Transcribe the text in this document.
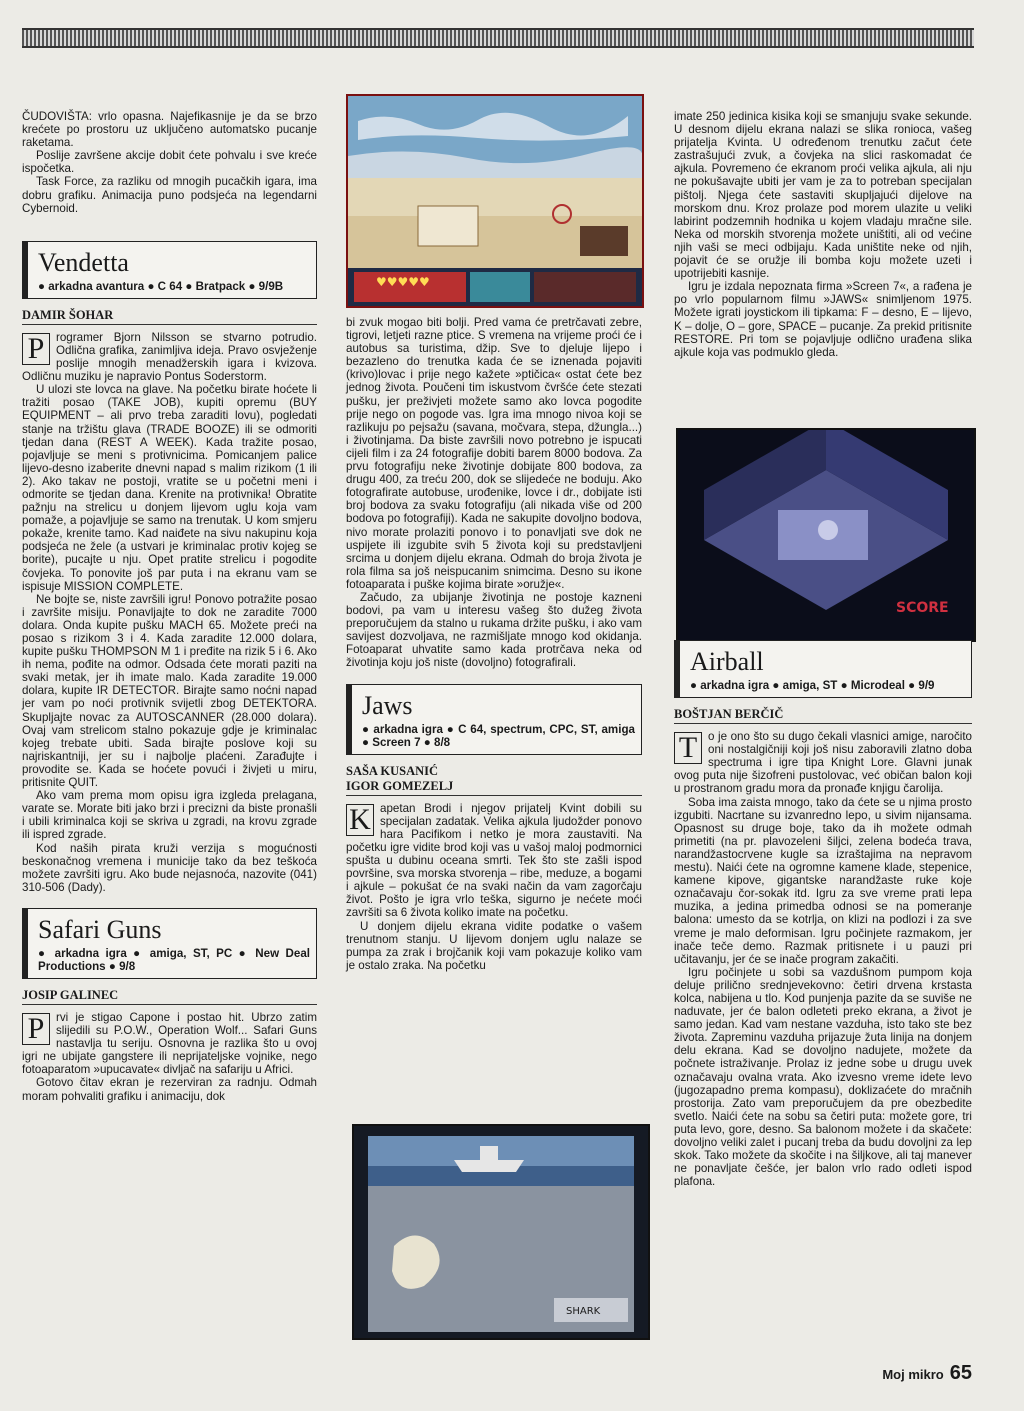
ČUDOVIŠTA: vrlo opasna. Najefikasnije je da se brzo krećete po prostoru uz uključeno automatsko pucanje raketama.

Poslije završene akcije dobit ćete pohvalu i sve kreće ispočetka.

Task Force, za razliku od mnogih pucačkih igara, ima dobru grafiku. Animacija puno podsjeća na legendarni Cybernoid.

Vendetta
● arkadna avantura ● C 64 ● Bratpack ● 9/9B
DAMIR ŠOHAR
P	rogramer Bjorn Nilsson se stvarno potrudio. Odlična grafika, zanimljiva ideja. Pravo osvježenje poslije mnogih menadžerskih igara i kvizova. Odličnu muziku je napravio Pontus Soderstorm.

U ulozi ste lovca na glave. Na početku birate hoćete li tražiti posao (TAKE JOB), kupiti opremu (BUY EQUIPMENT – ali prvo treba zaraditi lovu), pogledati stanje na tržištu glava (TRADE BOOZE) ili se odmoriti tjedan dana (REST A WEEK). Kada tražite posao, pojavljuje se meni s protivnicima. Pomicanjem palice lijevo-desno izaberite dnevni napad s malim rizikom (1 ili 2). Ako takav ne postoji, vratite se u početni meni i odmorite se tjedan dana. Krenite na protivnika! Obratite pažnju na strelicu u donjem lijevom uglu koja vam pomaže, a pojavljuje se samo na trenutak. U kom smjeru pokaže, krenite tamo. Kad naiđete na sivu nakupinu koja podsjeća ne žele (a ustvari je kriminalac protiv kojeg se borite), pucajte u nju. Opet pratite strelicu i pogodite čovjeka. To ponovite još par puta i na ekranu vam se ispisuje MISSION COMPLETE.

Ne bojte se, niste završili igru! Ponovo potražite posao i završite misiju. Ponavljajte to dok ne zaradite 7000 dolara. Onda kupite pušku MACH 65. Možete preći na posao s rizikom 3 i 4. Kada zaradite 12.000 dolara, kupite pušku THOMPSON M 1 i pređite na rizik 5 i 6. Ako ih nema, pođite na odmor. Odsada ćete morati paziti na svaki metak, jer ih imate malo. Kada zaradite 19.000 dolara, kupite IR DETECTOR. Birajte samo noćni napad jer vam po noći protivnik svijetli zbog DETEKTORA. Skupljajte novac za AUTOSCANNER (28.000 dolara). Ovaj vam strelicom stalno pokazuje gdje je kriminalac kojeg trebate ubiti. Sada birajte poslove koji su najriskantniji, jer su i najbolje plaćeni. Zarađujte i provodite se. Kada se hoćete povući i živjeti u miru, pritisnite QUIT.

Ako vam prema mom opisu igra izgleda prelagana, varate se. Morate biti jako brzi i precizni da biste pronašli i ubili kriminalca koji se skriva u zgradi, na krovu zgrade ili ispred zgrade.

Kod naših pirata kruži verzija s mogućnosti beskonačnog vremena i municije tako da bez teškoća možete završiti igru. Ako bude nejasnoća, nazovite (041) 310-506 (Dady).

Safari Guns
● arkadna igra ● amiga, ST, PC ● New Deal Productions ● 9/8
JOSIP GALINEC
P	rvi je stigao Capone i postao hit. Ubrzo zatim slijedili su P.O.W., Operation Wolf... Safari Guns nastavlja tu seriju. Osnovna je razlika što u ovoj igri ne ubijate gangstere ili neprijateljske vojnike, nego fotoaparatom »upucavate« divljač na safariju u Africi.

Gotovo čitav ekran je rezerviran za radnju. Odmah moram pohvaliti grafiku i animaciju, dok

♥♥♥♥♥

bi zvuk mogao biti bolji. Pred vama će pretrčavati zebre, tigrovi, letjeti razne ptice. S vremena na vrijeme proći će i autobus sa turistima, džip. Sve to djeluje lijepo i bezazleno do trenutka kada će se iznenada pojaviti (krivo)lovac i prije nego kažete »ptičica« ostat ćete bez jednog života. Poučeni tim iskustvom čvršće ćete stezati pušku, jer preživjeti možete samo ako lovca pogodite prije nego on pogode vas. Igra ima mnogo nivoa koji se razlikuju po pejsažu (savana, močvara, stepa, džungla...) i životinjama. Da biste završili novo potrebno je ispucati cijeli film i za 24 fotografije dobiti barem 8000 bodova. Za prvu fotografiju neke životinje dobijate 800 bodova, za drugu 400, za treću 200, dok se slijedeće ne boduju. Ako fotografirate autobuse, urođenike, lovce i dr., dobijate isti broj bodova za svaku fotografiju (ali nikada više od 200 bodova po fotografiji). Kada ne sakupite dovoljno bodova, nivo morate prolaziti ponovo i to ponavljati sve dok ne uspijete ili izgubite svih 5 života koji su predstavljeni srcima u donjem dijelu ekrana. Odmah do broja života je rola filma sa još neispucanim snimcima. Desno su ikone fotoaparata i puške kojima birate »oružje«.

Začudo, za ubijanje životinja ne postoje kazneni bodovi, pa vam u interesu vašeg što dužeg života preporučujem da stalno u rukama držite pušku, i ako vam savijest dozvoljava, ne razmišljate mnogo kod okidanja. Fotoaparat uhvatite samo kada protrčava neka od životinja koju još niste (dovoljno) fotografirali.

Jaws
● arkadna igra ● C 64, spectrum, CPC, ST, amiga ● Screen 7 ● 8/8
SAŠA KUSANIĆ
IGOR GOMEZELJ
K apetan Brodi i njegov prijatelj Kvint dobili su specijalan zadatak. Velika ajkula ljudožder ponovo hara Pacifikom i netko je mora zaustaviti. Na početku igre vidite brod koji vas u vašoj maloj podmornici spušta u dubinu oceana smrti. Tek što ste zašli ispod površine, sva morska stvorenja – ribe, meduze, a bogami i ajkule – pokušat će na svaki način da vam zagorčaju život. Pošto je igra vrlo teška, sigurno je nećete moći završiti sa 6 života koliko imate na početku.

U donjem dijelu ekrana vidite podatke o vašem trenutnom stanju. U lijevom donjem uglu nalaze se pumpa za zrak i brojčanik koji vam pokazuje koliko vam je ostalo zraka. Na početku

SHARK

imate 250 jedinica kisika koji se smanjuju svake sekunde. U desnom dijelu ekrana nalazi se slika ronioca, vašeg prijatelja Kvinta. U određenom trenutku začut ćete zastrašujući zvuk, a čovjeka na slici raskomadat će ajkula. Povremeno će ekranom proći velika ajkula, ali nju ne pokušavajte ubiti jer vam je za to potreban specijalan pištolj. Njega ćete sastaviti skupljajući dijelove na morskom dnu. Kroz prolaze pod morem ulazite u veliki labirint podzemnih hodnika u kojem vladaju mračne sile. Neka od morskih stvorenja možete uništiti, ali od većine njih vaši se meci odbijaju. Kada uništite neke od njih, pojavit će se oružje ili bomba koju možete uzeti i upotrijebiti kasnije.

Igru je izdala nepoznata firma »Screen 7«, a rađena je po vrlo popularnom filmu »JAWS« snimljenom 1975. Možete igrati joystickom ili tipkama: F – desno, E – lijevo, K – dolje, O – gore, SPACE – pucanje. Za prekid pritisnite RESTORE. Pri tom se pojavljuje odlično urađena slika ajkule koja vas podmuklo gleda.

SCORE
Airball
● arkadna igra ● amiga, ST ● Microdeal ● 9/9
BOŠTJAN BERČIČ
T o je ono što su dugo čekali vlasnici amige, naročito oni nostalgičniji koji još nisu zaboravili zlatno doba spectruma i igre tipa Knight Lore. Glavni junak ovog puta nije šizofreni pustolovac, već običan balon koji u prostranom gradu mora da pronađe knjigu čarolija.

Soba ima zaista mnogo, tako da ćete se u njima prosto izgubiti. Nacrtane su izvanredno lepo, u sivim nijansama. Opasnost su druge boje, tako da ih možete odmah primetiti (na pr. plavozeleni šiljci, zelena bodeća trava, narandžastocrvene kugle sa izraštajima na nepravom mestu). Naići ćete na ogromne kamene klade, stepenice, kamene kipove, gigantske narandžaste ruke koje označavaju čor-sokak itd. Igru za sve vreme prati lepa muzika, a jedina primedba odnosi se na pomeranje balona: umesto da se kotrlja, on klizi na podlozi i za sve vreme je malo deformisan. Igru počinjete razmakom, jer inače teče demo. Razmak pritisnete i u pauzi pri učitavanju, jer će se inače program zakačiti.

Igru počinjete u sobi sa vazdušnom pumpom koja deluje prilično srednjevekovno: četiri drvena krstasta kolca, nabijena u tlo. Kod punjenja pazite da se suviše ne naduvate, jer će balon odleteti preko ekrana, a život je samo jedan. Kad vam nestane vazduha, isto tako ste bez života. Zapreminu vazduha prijazuje žuta linija na donjem delu ekrana. Kad se dovoljno nadujete, možete da počnete istraživanje. Prolaz iz jedne sobe u drugu uvek označavaju ovalna vrata. Ako izvesno vreme idete levo (jugozapadno prema kompasu), doklizaćete do mračnih prostorija. Zato vam preporučujem da pre obezbedite svetlo. Naići ćete na sobu sa četiri puta: možete gore, tri puta levo, gore, desno. Sa balonom možete i da skačete: dovoljno veliki zalet i pucanj treba da budu dovoljni za lep skok. Tako možete da skočite i na šiljkove, ali taj manever ne ponavljate češće, jer balon vrlo rado odleti ispod plafona.

Moj mikro 65
